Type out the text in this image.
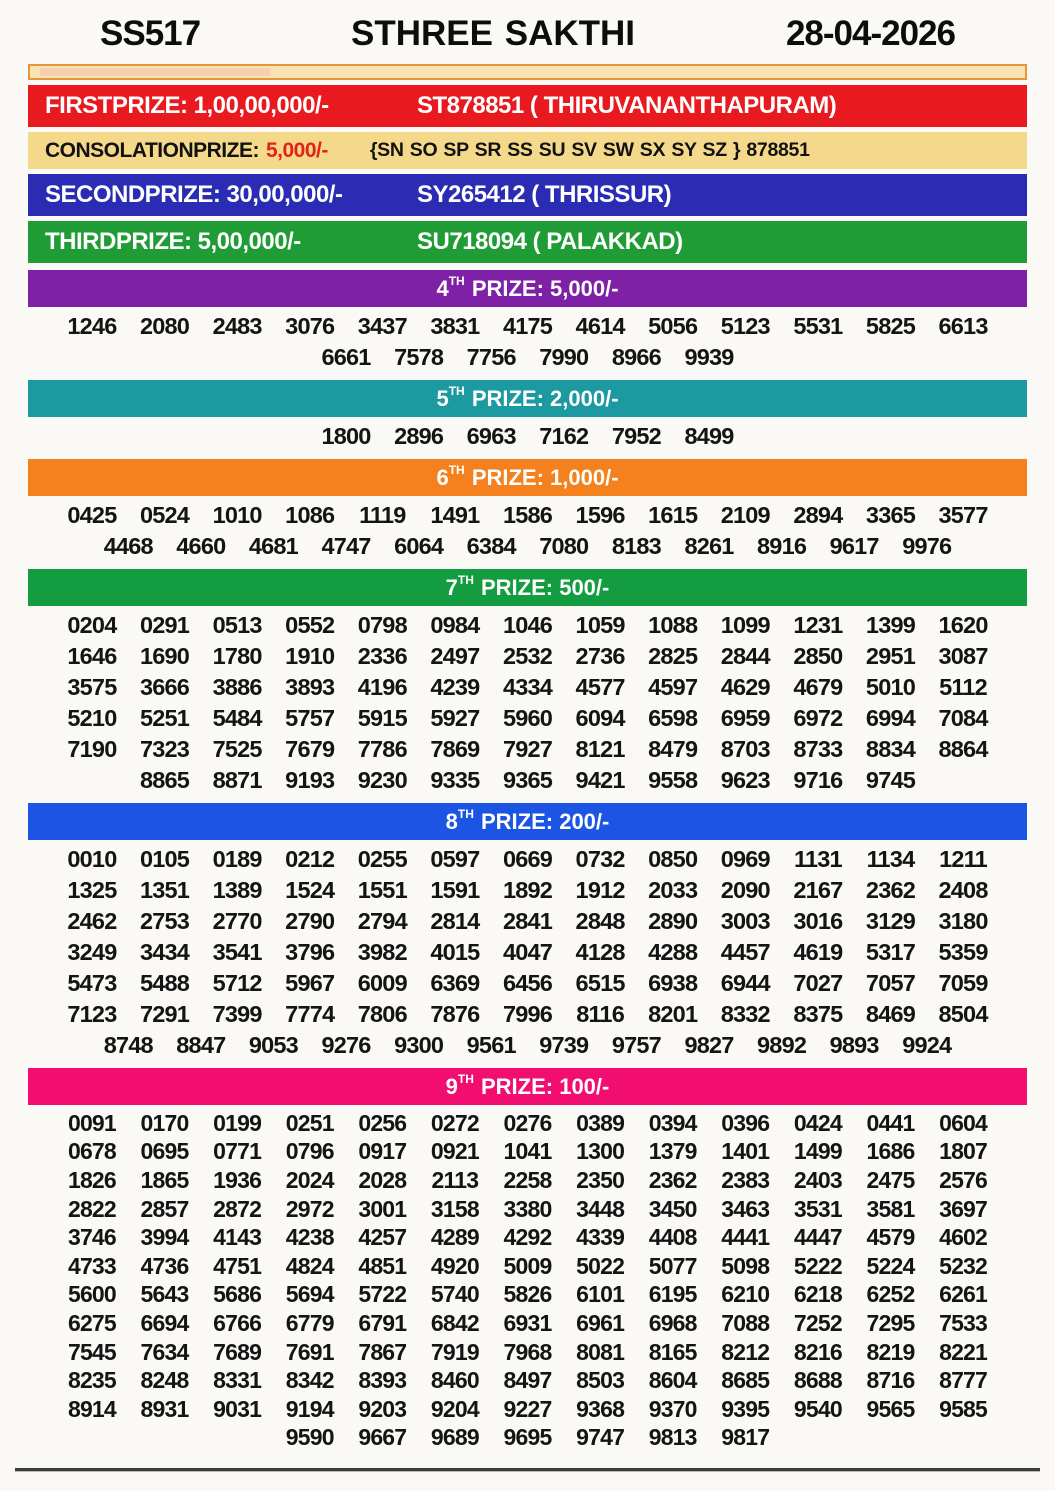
SS517	STHREE SAKTHI	28-04-2026
FIRSTPRIZE: 1,00,00,000/-	ST878851 ( THIRUVANANTHAPURAM)
CONSOLATIONPRIZE: 5,000/- {SN SO SP SR SS SU SV SW SX SY SZ } 878851
SECONDPRIZE: 30,00,000/-	SY265412 ( THRISSUR)
THIRDPRIZE: 5,00,000/-	SU718094 ( PALAKKAD)
4TH PRIZE: 5,000/-
1246	2080	2483	3076	3437	3831	4175	4614	5056	5123	5531	5825	6613
6661	7578	7756	7990	8966	9939
5TH PRIZE: 2,000/-
1800	2896	6963	7162	7952	8499
6TH PRIZE: 1,000/-
0425	0524	1010	1086	1119	1491	1586	1596	1615	2109	2894	3365	3577
4468	4660	4681	4747	6064	6384	7080	8183	8261	8916	9617	9976
7TH PRIZE: 500/-
0204	0291	0513	0552	0798	0984	1046	1059	1088	1099	1231	1399	1620
1646	1690	1780	1910	2336	2497	2532	2736	2825	2844	2850	2951	3087
3575	3666	3886	3893	4196	4239	4334	4577	4597	4629	4679	5010	5112
5210	5251	5484	5757	5915	5927	5960	6094	6598	6959	6972	6994	7084
7190	7323	7525	7679	7786	7869	7927	8121	8479	8703	8733	8834	8864
8865	8871	9193	9230	9335	9365	9421	9558	9623	9716	9745
8TH PRIZE: 200/-
0010	0105	0189	0212	0255	0597	0669	0732	0850	0969	1131	1134	1211
1325	1351	1389	1524	1551	1591	1892	1912	2033	2090	2167	2362	2408
2462	2753	2770	2790	2794	2814	2841	2848	2890	3003	3016	3129	3180
3249	3434	3541	3796	3982	4015	4047	4128	4288	4457	4619	5317	5359
5473	5488	5712	5967	6009	6369	6456	6515	6938	6944	7027	7057	7059
7123	7291	7399	7774	7806	7876	7996	8116	8201	8332	8375	8469	8504
8748	8847	9053	9276	9300	9561	9739	9757	9827	9892	9893	9924
9TH PRIZE: 100/-
0091	0170	0199	0251	0256	0272	0276	0389	0394	0396	0424	0441	0604
0678	0695	0771	0796	0917	0921	1041	1300	1379	1401	1499	1686	1807
1826	1865	1936	2024	2028	2113	2258	2350	2362	2383	2403	2475	2576
2822	2857	2872	2972	3001	3158	3380	3448	3450	3463	3531	3581	3697
3746	3994	4143	4238	4257	4289	4292	4339	4408	4441	4447	4579	4602
4733	4736	4751	4824	4851	4920	5009	5022	5077	5098	5222	5224	5232
5600	5643	5686	5694	5722	5740	5826	6101	6195	6210	6218	6252	6261
6275	6694	6766	6779	6791	6842	6931	6961	6968	7088	7252	7295	7533
7545	7634	7689	7691	7867	7919	7968	8081	8165	8212	8216	8219	8221
8235	8248	8331	8342	8393	8460	8497	8503	8604	8685	8688	8716	8777
8914	8931	9031	9194	9203	9204	9227	9368	9370	9395	9540	9565	9585
9590	9667	9689	9695	9747	9813	9817
